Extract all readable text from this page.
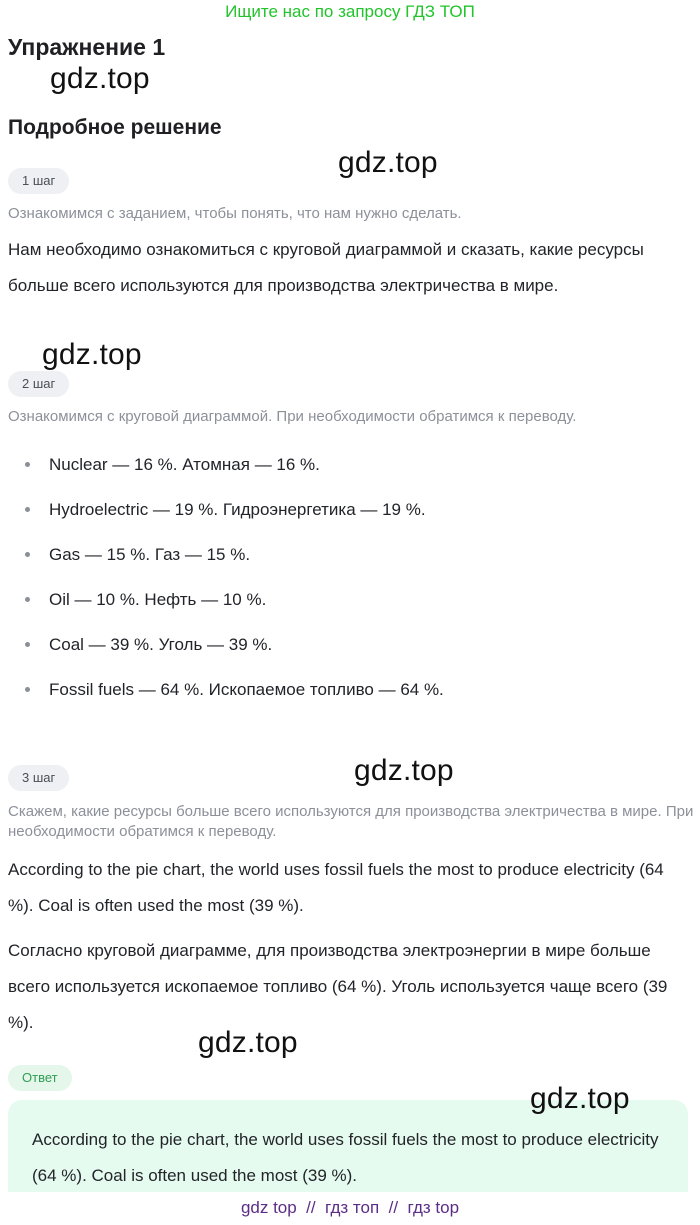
Ищите нас по запросу ГДЗ ТОП
Упражнение 1
gdz.top
Подробное решение
gdz.top
1 шаг
Ознакомимся с заданием, чтобы понять, что нам нужно сделать.
Нам необходимо ознакомиться с круговой диаграммой и сказать, какие ресурсы больше всего используются для производства электричества в мире.
gdz.top
2 шаг
Ознакомимся с круговой диаграммой. При необходимости обратимся к переводу.
Nuclear — 16 %. Атомная — 16 %.
Hydroelectric — 19 %. Гидроэнергетика — 19 %.
Gas — 15 %. Газ — 15 %.
Oil — 10 %. Нефть — 10 %.
Coal — 39 %. Уголь — 39 %.
Fossil fuels — 64 %. Ископаемое топливо — 64 %.
3 шаг	gdz.top
Скажем, какие ресурсы больше всего используются для производства электричества в мире. При необходимости обратимся к переводу.
According to the pie chart, the world uses fossil fuels the most to produce electricity (64 %). Coal is often used the most (39 %).
Согласно круговой диаграмме, для производства электроэнергии в мире больше всего используется ископаемое топливо (64 %). Уголь используется чаще всего (39 %).
gdz.top
Ответ
gdz.top
According to the pie chart, the world uses fossil fuels the most to produce electricity (64 %). Coal is often used the most (39 %).
gdz top  //  гдз топ  //  гдз top
